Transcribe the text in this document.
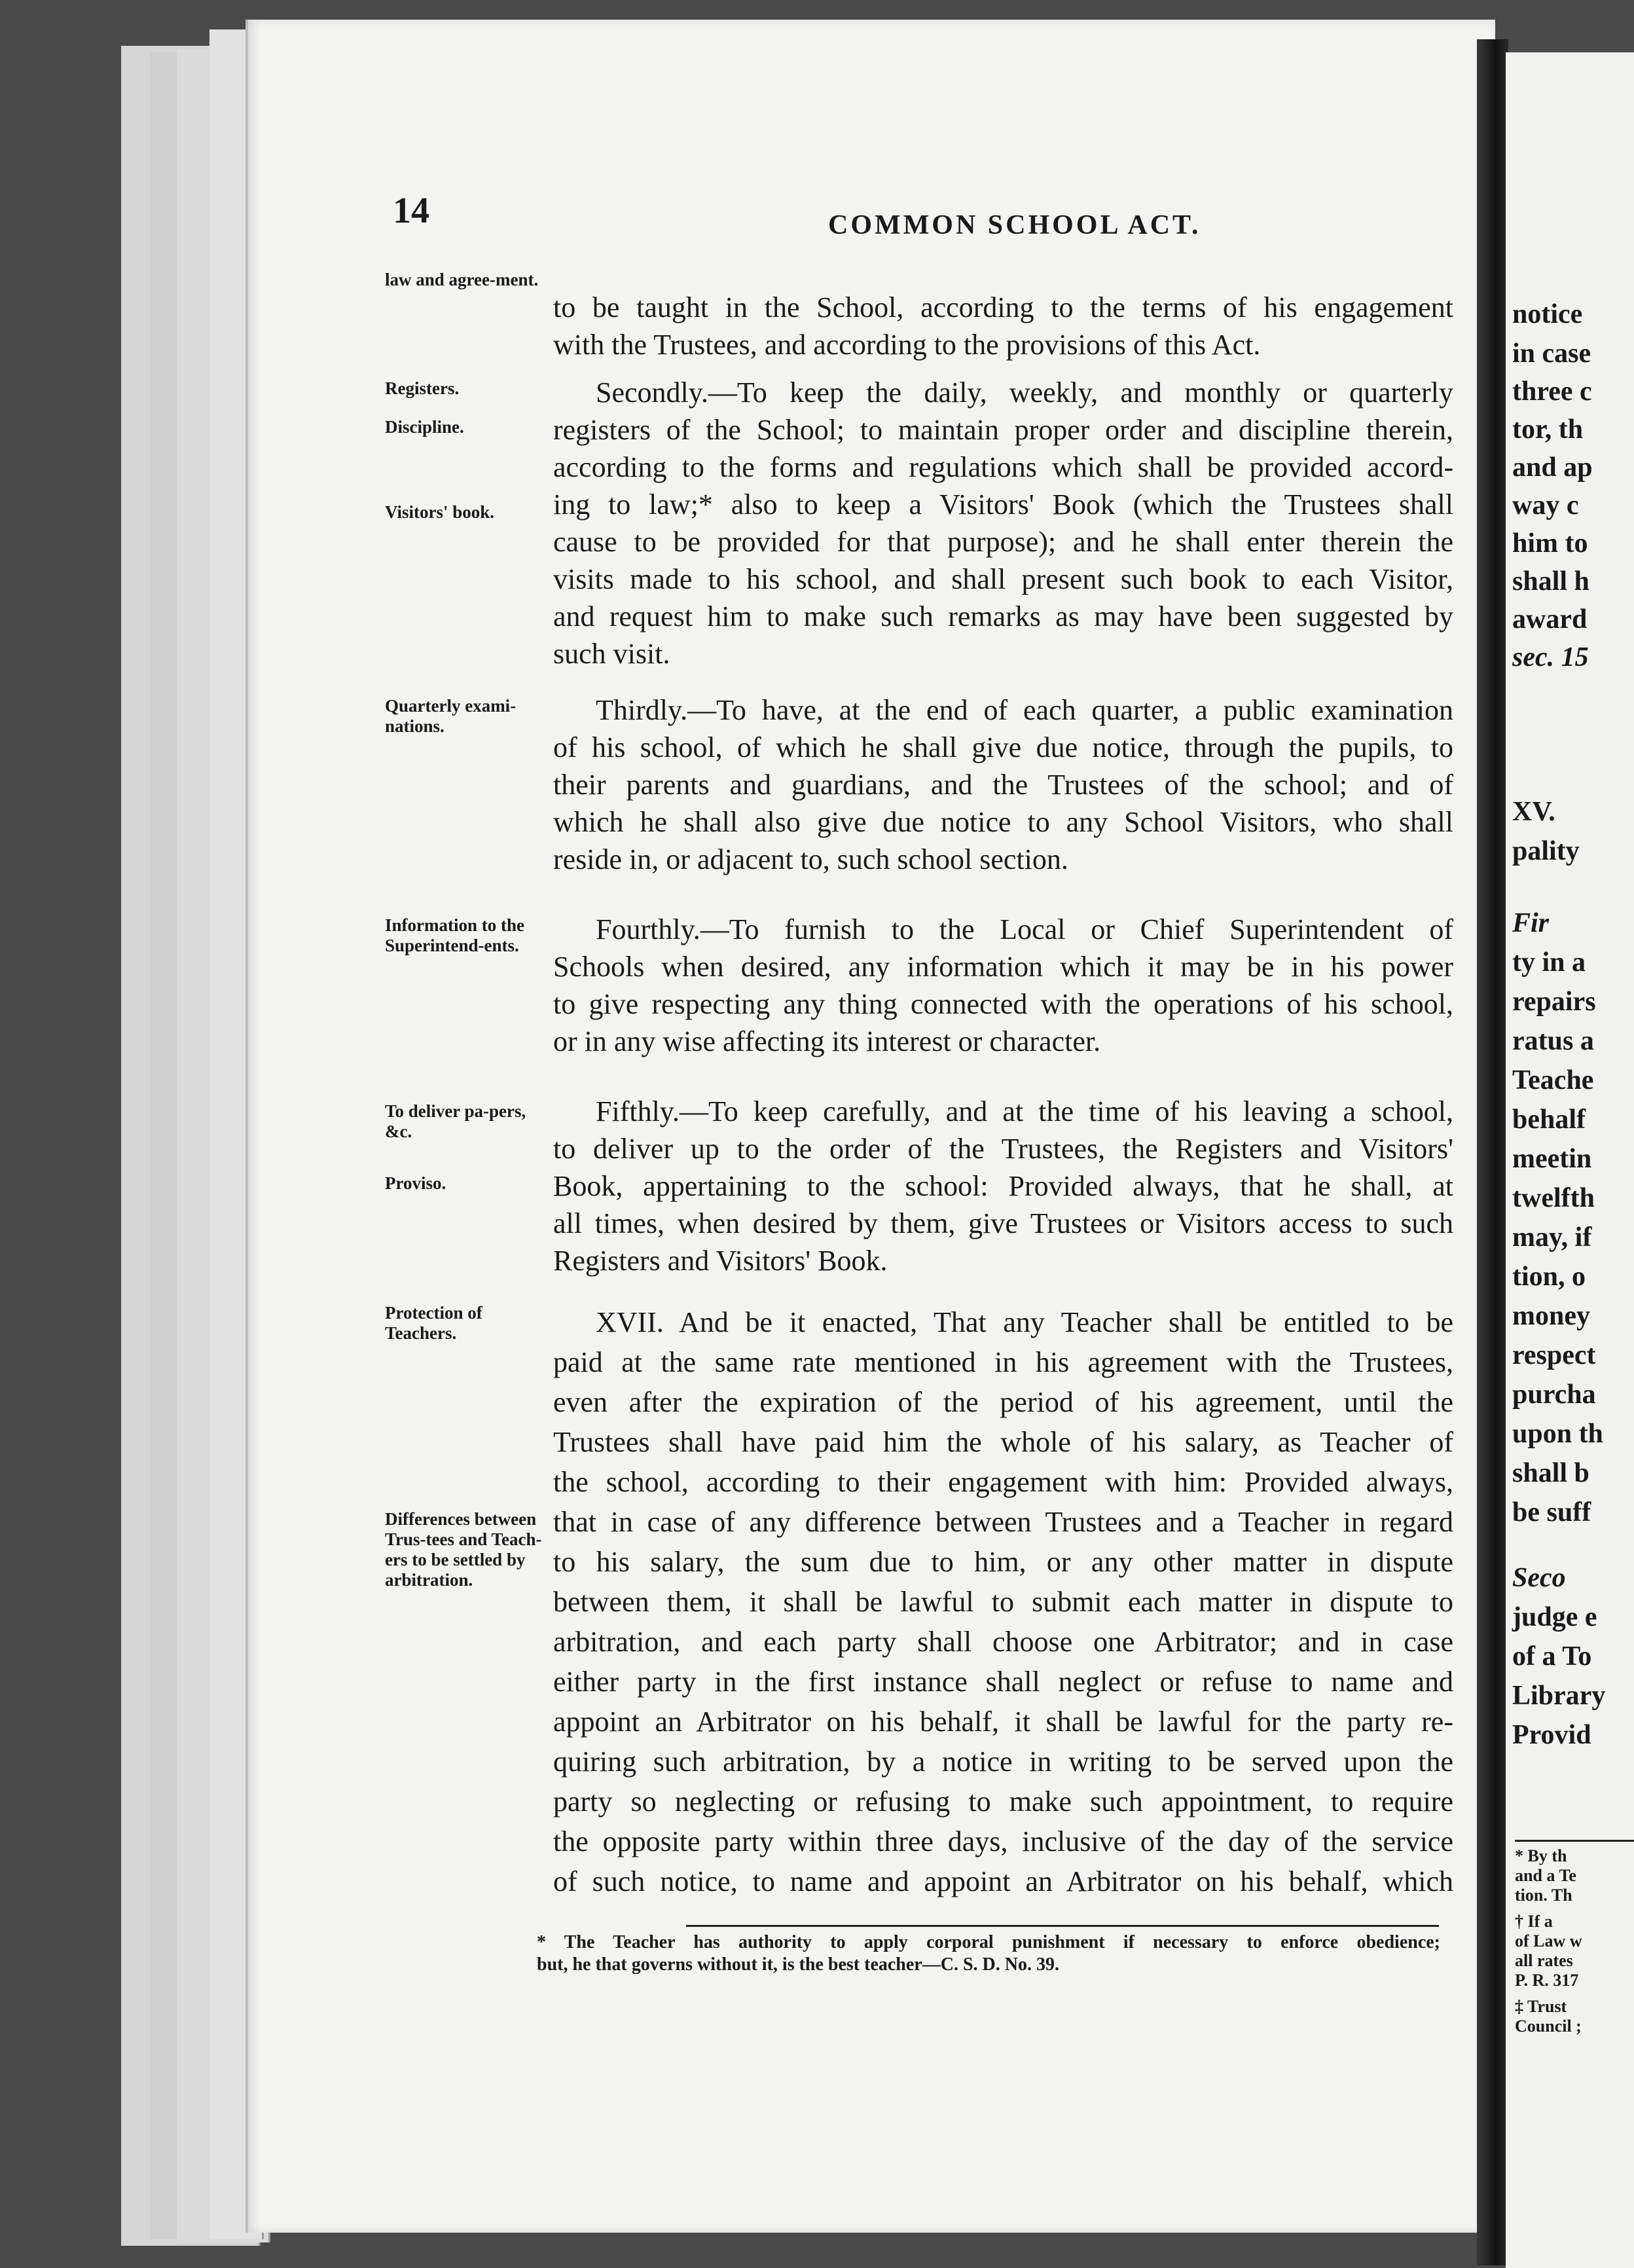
14	COMMON SCHOOL ACT.
law and agree-ment.
Registers.
Discipline.
Visitors' book.
Quarterly exami-nations.
Information to the Superintend-ents.
To deliver pa-pers, &c.
Proviso.
Protection of Teachers.
Differences between Trus-tees and Teach-ers to be settled by arbitration.
to be taught in the School, according to the terms of his engagement
with the Trustees, and according to the provisions of this Act.
Secondly.—To keep the daily, weekly, and monthly or quarterly
registers of the School; to maintain proper order and discipline therein,
according to the forms and regulations which shall be provided accord-
ing to law;* also to keep a Visitors' Book (which the Trustees shall
cause to be provided for that purpose); and he shall enter therein the
visits made to his school, and shall present such book to each Visitor,
and request him to make such remarks as may have been suggested by
such visit.
Thirdly.—To have, at the end of each quarter, a public examination
of his school, of which he shall give due notice, through the pupils, to
their parents and guardians, and the Trustees of the school; and of
which he shall also give due notice to any School Visitors, who shall
reside in, or adjacent to, such school section.
Fourthly.—To furnish to the Local or Chief Superintendent of
Schools when desired, any information which it may be in his power
to give respecting any thing connected with the operations of his school,
or in any wise affecting its interest or character.
Fifthly.—To keep carefully, and at the time of his leaving a school,
to deliver up to the order of the Trustees, the Registers and Visitors'
Book, appertaining to the school: Provided always, that he shall, at
all times, when desired by them, give Trustees or Visitors access to such
Registers and Visitors' Book.
XVII. And be it enacted, That any Teacher shall be entitled to be
paid at the same rate mentioned in his agreement with the Trustees,
even after the expiration of the period of his agreement, until the
Trustees shall have paid him the whole of his salary, as Teacher of
the school, according to their engagement with him: Provided always,
that in case of any difference between Trustees and a Teacher in regard
to his salary, the sum due to him, or any other matter in dispute
between them, it shall be lawful to submit each matter in dispute to
arbitration, and each party shall choose one Arbitrator; and in case
either party in the first instance shall neglect or refuse to name and
appoint an Arbitrator on his behalf, it shall be lawful for the party re-
quiring such arbitration, by a notice in writing to be served upon the
party so neglecting or refusing to make such appointment, to require
the opposite party within three days, inclusive of the day of the service
of such notice, to name and appoint an Arbitrator on his behalf, which
* The Teacher has authority to apply corporal punishment if necessary to enforce obedience;
but, he that governs without it, is the best teacher—C. S. D. No. 39.
notice
in case
three c
tor, th
and ap
way c
him to
shall h
award
sec. 15
XV.
pality
Fir
ty in a
repairs
ratus a
Teache
behalf
meetin
twelfth
may, if
tion, o
money
respect
purcha
upon th
shall b
be suff
Seco
judge e
of a To
Library
Provid
* By th
and a Te
tion. Th
† If a
of Law w
all rates
P. R. 317
‡ Trust
Council ;
